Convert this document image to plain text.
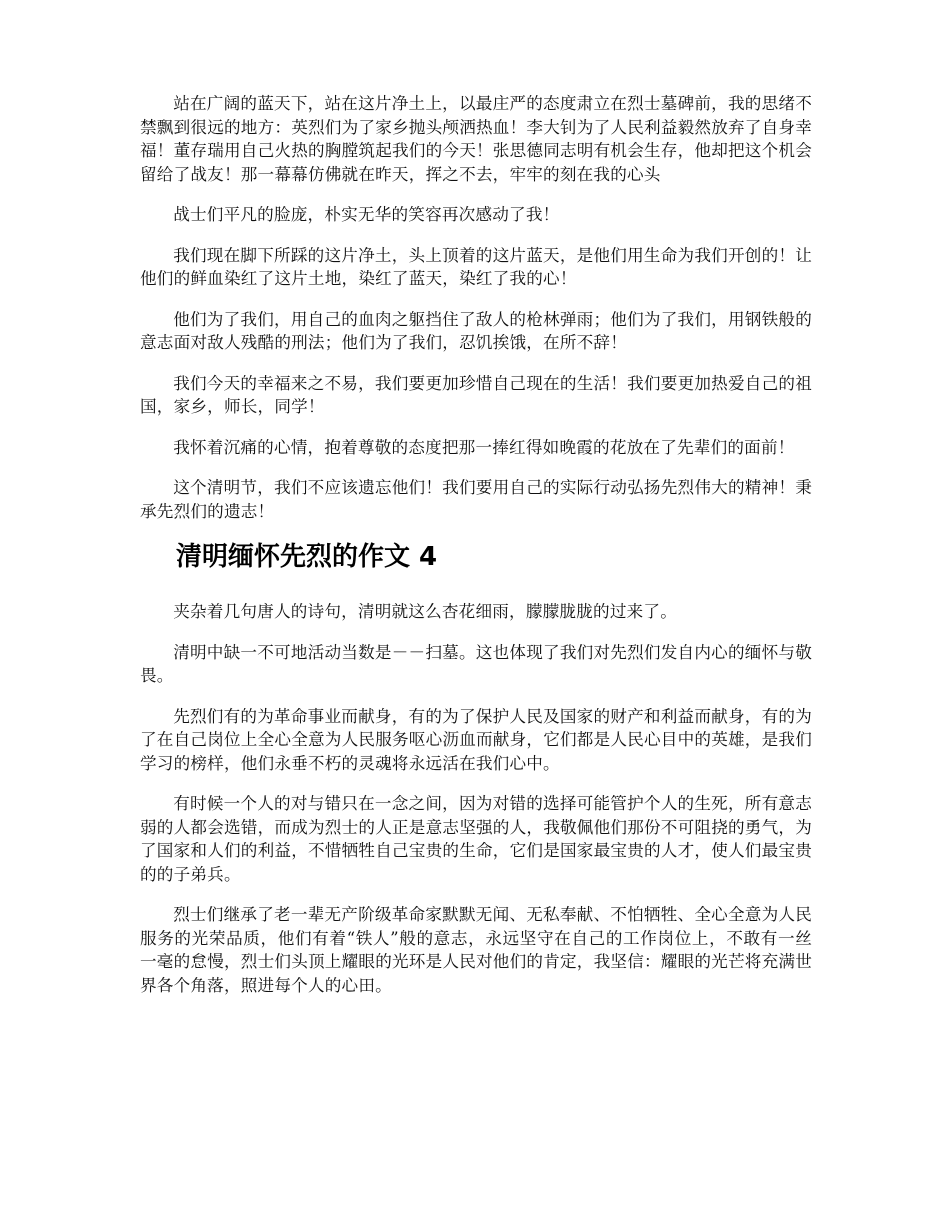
站在广阔的蓝天下，站在这片净土上，以最庄严的态度肃立在烈士墓碑前，我的思绪不禁飘到很远的地方：英烈们为了家乡抛头颅洒热血！李大钊为了人民利益毅然放弃了自身幸福！董存瑞用自己火热的胸膛筑起我们的今天！张思德同志明有机会生存，他却把这个机会留给了战友！那一幕幕仿佛就在昨天，挥之不去，牢牢的刻在我的心头

战士们平凡的脸庞，朴实无华的笑容再次感动了我！

我们现在脚下所踩的这片净土，头上顶着的这片蓝天，是他们用生命为我们开创的！让他们的鲜血染红了这片土地，染红了蓝天，染红了我的心！

他们为了我们，用自己的血肉之躯挡住了敌人的枪林弹雨；他们为了我们，用钢铁般的意志面对敌人残酷的刑法；他们为了我们，忍饥挨饿，在所不辞！

我们今天的幸福来之不易，我们要更加珍惜自己现在的生活！我们要更加热爱自己的祖国，家乡，师长，同学！

我怀着沉痛的心情，抱着尊敬的态度把那一捧红得如晚霞的花放在了先辈们的面前！

这个清明节，我们不应该遗忘他们！我们要用自己的实际行动弘扬先烈伟大的精神！秉承先烈们的遗志！

清明缅怀先烈的作文 4

夹杂着几句唐人的诗句，清明就这么杏花细雨，朦朦胧胧的过来了。

清明中缺一不可地活动当数是－－扫墓。这也体现了我们对先烈们发自内心的缅怀与敬畏。

先烈们有的为革命事业而献身，有的为了保护人民及国家的财产和利益而献身，有的为了在自己岗位上全心全意为人民服务呕心沥血而献身，它们都是人民心目中的英雄，是我们学习的榜样，他们永垂不朽的灵魂将永远活在我们心中。

有时候一个人的对与错只在一念之间，因为对错的选择可能管护个人的生死，所有意志弱的人都会选错，而成为烈士的人正是意志坚强的人，我敬佩他们那份不可阻挠的勇气，为了国家和人们的利益，不惜牺牲自己宝贵的生命，它们是国家最宝贵的人才，使人们最宝贵的的子弟兵。

烈士们继承了老一辈无产阶级革命家默默无闻、无私奉献、不怕牺牲、全心全意为人民服务的光荣品质，他们有着“铁人”般的意志，永远坚守在自己的工作岗位上，不敢有一丝一毫的怠慢，烈士们头顶上耀眼的光环是人民对他们的肯定，我坚信：耀眼的光芒将充满世界各个角落，照进每个人的心田。
